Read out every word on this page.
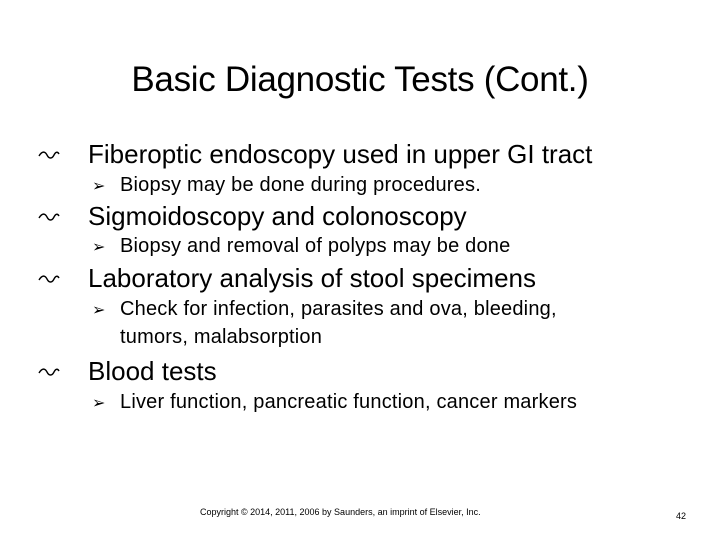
Basic Diagnostic Tests (Cont.)
Fiberoptic endoscopy used in upper GI tract
➢ Biopsy may be done during procedures.
Sigmoidoscopy and colonoscopy
➢ Biopsy and removal of polyps may be done
Laboratory analysis of stool specimens
➢ Check for infection, parasites and ova, bleeding,
tumors, malabsorption
Blood tests
➢ Liver function, pancreatic function, cancer markers
Copyright © 2014, 2011, 2006 by Saunders, an imprint of Elsevier, Inc.	42
